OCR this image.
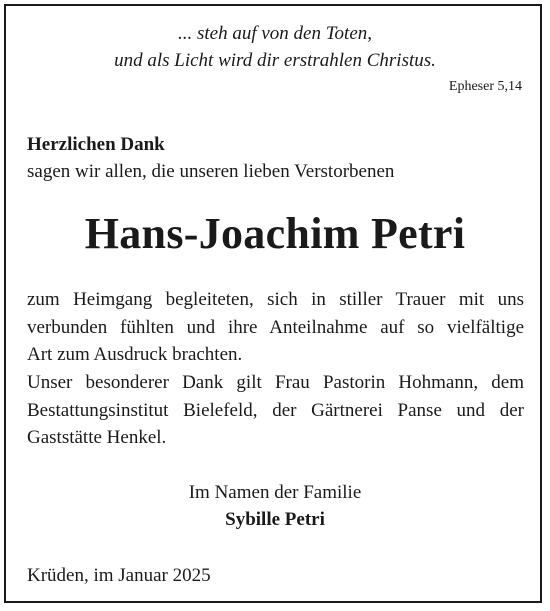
... steh auf von den Toten,
und als Licht wird dir erstrahlen Christus.
Epheser 5,14
Herzlichen Dank
sagen wir allen, die unseren lieben Verstorbenen
Hans-Joachim Petri
zum Heimgang begleiteten, sich in stiller Trauer mit uns
verbunden fühlten und ihre Anteilnahme auf so vielfältige
Art zum Ausdruck brachten.
Unser besonderer Dank gilt Frau Pastorin Hohmann, dem
Bestattungsinstitut Bielefeld, der Gärtnerei Panse und der
Gaststätte Henkel.
Im Namen der Familie
Sybille Petri
Krüden, im Januar 2025
